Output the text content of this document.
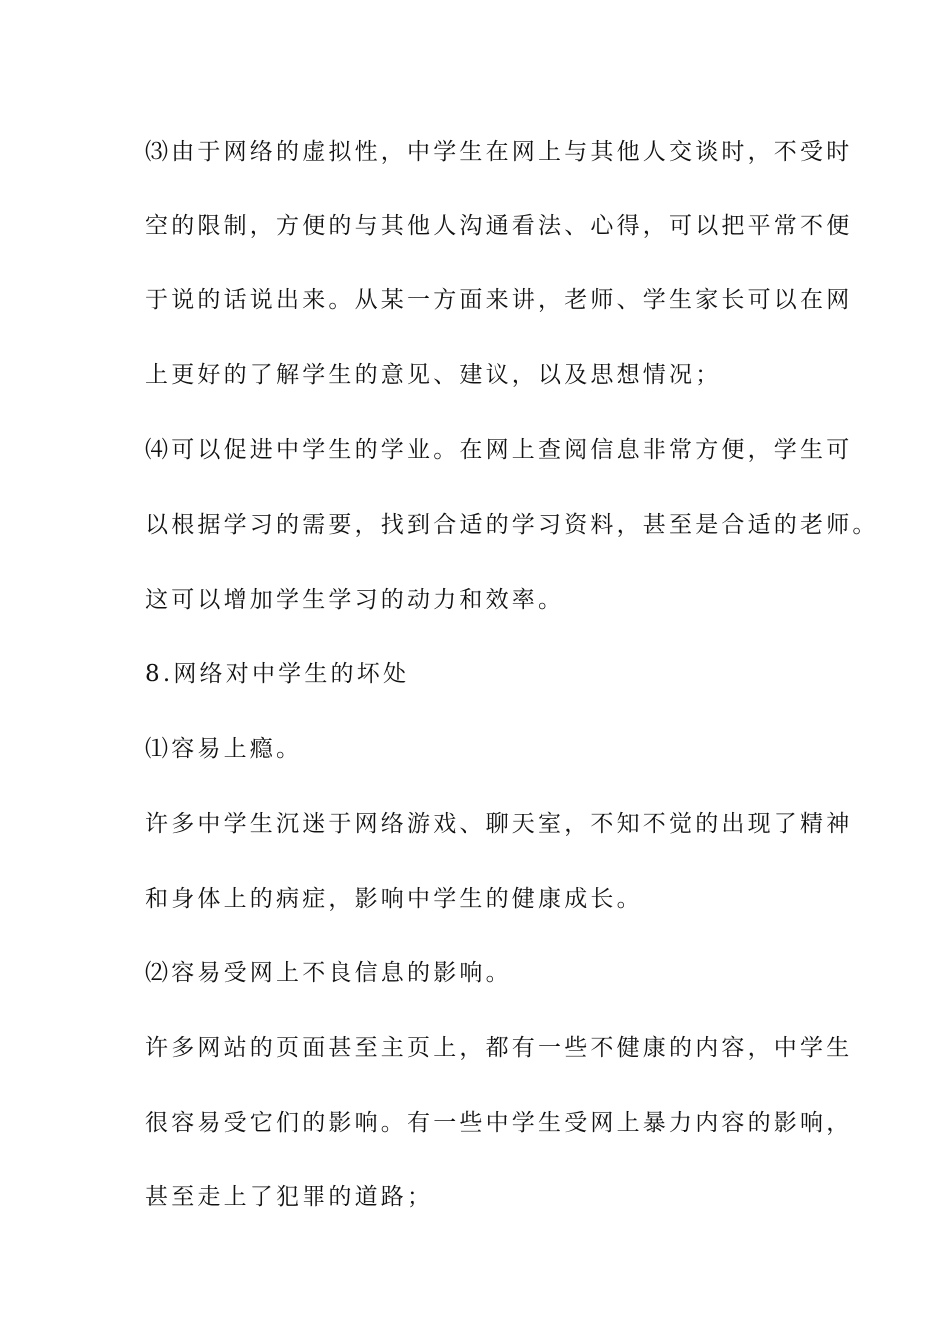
⑶由于网络的虚拟性，中学生在网上与其他人交谈时，不受时

空的限制，方便的与其他人沟通看法、心得，可以把平常不便

于说的话说出来。从某一方面来讲，老师、学生家长可以在网

上更好的了解学生的意见、建议，以及思想情况；

⑷可以促进中学生的学业。在网上查阅信息非常方便，学生可

以根据学习的需要，找到合适的学习资料，甚至是合适的老师。

这可以增加学生学习的动力和效率。

8.网络对中学生的坏处

⑴容易上瘾。

许多中学生沉迷于网络游戏、聊天室，不知不觉的出现了精神

和身体上的病症，影响中学生的健康成长。

⑵容易受网上不良信息的影响。

许多网站的页面甚至主页上，都有一些不健康的内容，中学生

很容易受它们的影响。有一些中学生受网上暴力内容的影响，

甚至走上了犯罪的道路；
